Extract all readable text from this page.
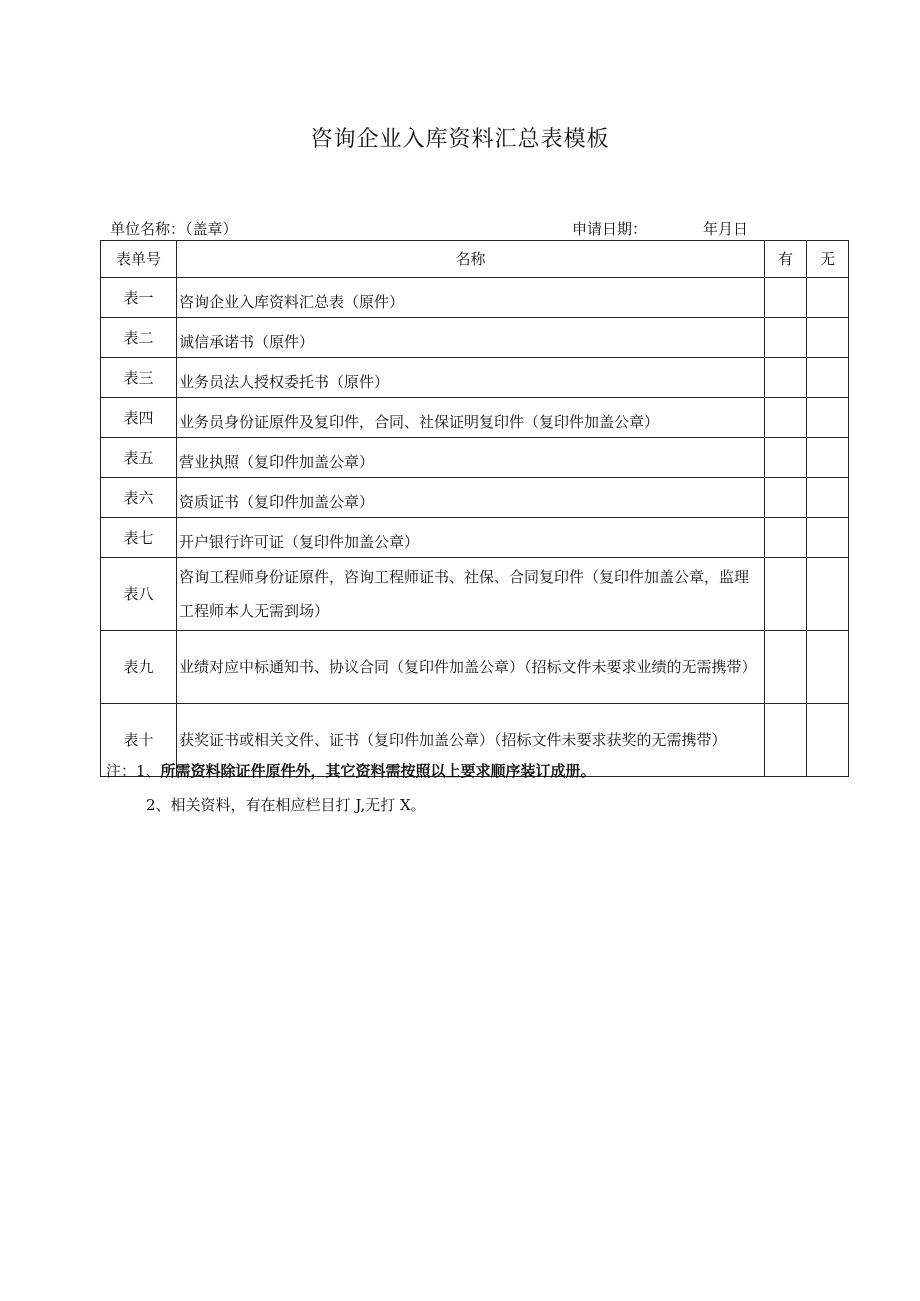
咨询企业入库资料汇总表模板
单位名称：（盖章）	申请日期：	年月日
表单号	名称	有	无
表一	咨询企业入库资料汇总表（原件）		
表二	诚信承诺书（原件）		
表三	业务员法人授权委托书（原件）		
表四	业务员身份证原件及复印件，合同、社保证明复印件（复印件加盖公章）		
表五	营业执照（复印件加盖公章）		
表六	资质证书（复印件加盖公章）		
表七	开户银行许可证（复印件加盖公章）		
表八	咨询工程师身份证原件，咨询工程师证书、社保、合同复印件（复印件加盖公章，监理工程师本人无需到场）		
表九	业绩对应中标通知书、协议合同（复印件加盖公章）（招标文件未要求业绩的无需携带）		
表十	获奖证书或相关文件、证书（复印件加盖公章）（招标文件未要求获奖的无需携带）		
注：1、所需资料除证件原件外，其它资料需按照以上要求顺序装订成册。
2、相关资料，有在相应栏目打 J,无打 X。
